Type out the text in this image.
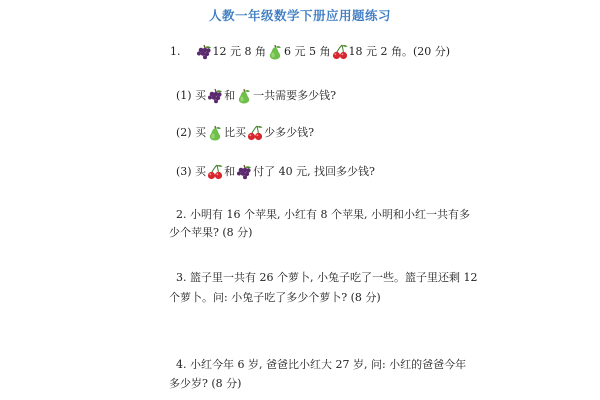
人教一年级数学下册应用题练习
1.	12 元 8 角 6 元 5 角 18 元 2 角。(20 分)
(1) 买 和 一共需要多少钱?
(2) 买 比买 少多少钱?
(3) 买 和 付了 40 元, 找回多少钱?
2. 小明有 16 个苹果, 小红有 8 个苹果, 小明和小红一共有多
少个苹果? (8 分)
3. 篮子里一共有 26 个萝卜, 小兔子吃了一些。篮子里还剩 12
个萝卜。问: 小兔子吃了多少个萝卜? (8 分)
4. 小红今年 6 岁, 爸爸比小红大 27 岁, 问: 小红的爸爸今年
多少岁? (8 分)
